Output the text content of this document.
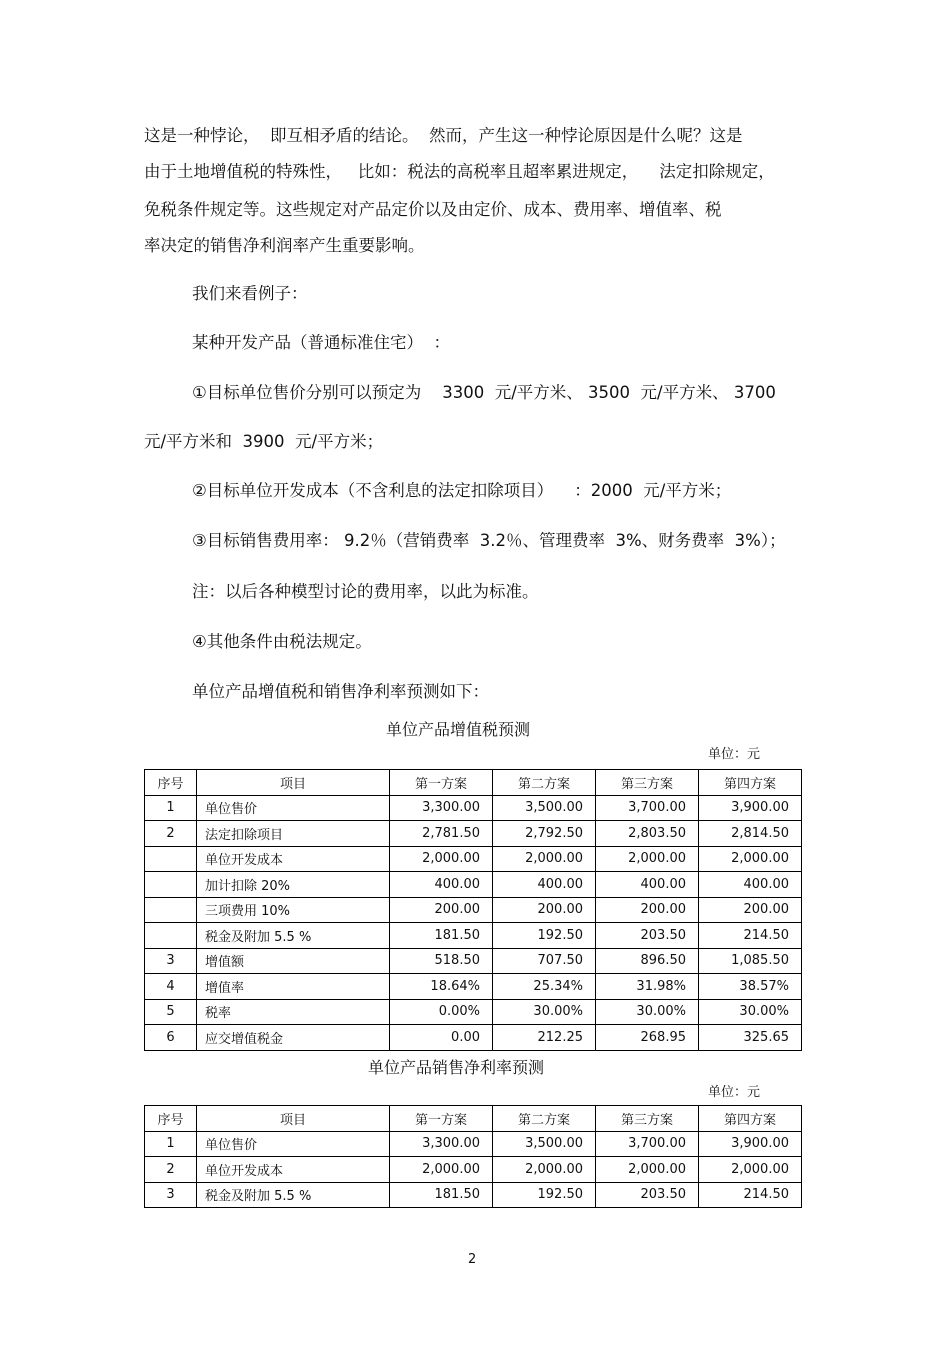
这是一种悖论，  即互相矛盾的结论。  然而，产生这一种悖论原因是什么呢？这是
由于土地增值税的特殊性，   比如：税法的高税率且超率累进规定，    法定扣除规定，
免税条件规定等。这些规定对产品定价以及由定价、成本、费用率、增值率、税
率决定的销售净利润率产生重要影响。
我们来看例子：
某种开发产品（普通标准住宅）  ：
①目标单位售价分别可以预定为    3300  元/平方米、 3500  元/平方米、 3700
元/平方米和  3900  元/平方米；
②目标单位开发成本（不含利息的法定扣除项目）    ：2000  元/平方米；
③目标销售费用率： 9.2％（营销费率  3.2％、管理费率  3%、财务费率  3%）；
注：以后各种模型讨论的费用率，以此为标准。
④其他条件由税法规定。
单位产品增值税和销售净利率预测如下：
单位产品增值税预测
单位：元
序号	项目	第一方案	第二方案	第三方案	第四方案
1	单位售价	3,300.00	3,500.00	3,700.00	3,900.00
2	法定扣除项目	2,781.50	2,792.50	2,803.50	2,814.50
	单位开发成本	2,000.00	2,000.00	2,000.00	2,000.00
	加计扣除 20%	400.00	400.00	400.00	400.00
	三项费用 10%	200.00	200.00	200.00	200.00
	税金及附加 5.5 %	181.50	192.50	203.50	214.50
3	增值额	518.50	707.50	896.50	1,085.50
4	增值率	18.64%	25.34%	31.98%	38.57%
5	税率	0.00%	30.00%	30.00%	30.00%
6	应交增值税金	0.00	212.25	268.95	325.65
单位产品销售净利率预测
单位：元
序号	项目	第一方案	第二方案	第三方案	第四方案
1	单位售价	3,300.00	3,500.00	3,700.00	3,900.00
2	单位开发成本	2,000.00	2,000.00	2,000.00	2,000.00
3	税金及附加 5.5 %	181.50	192.50	203.50	214.50
2
